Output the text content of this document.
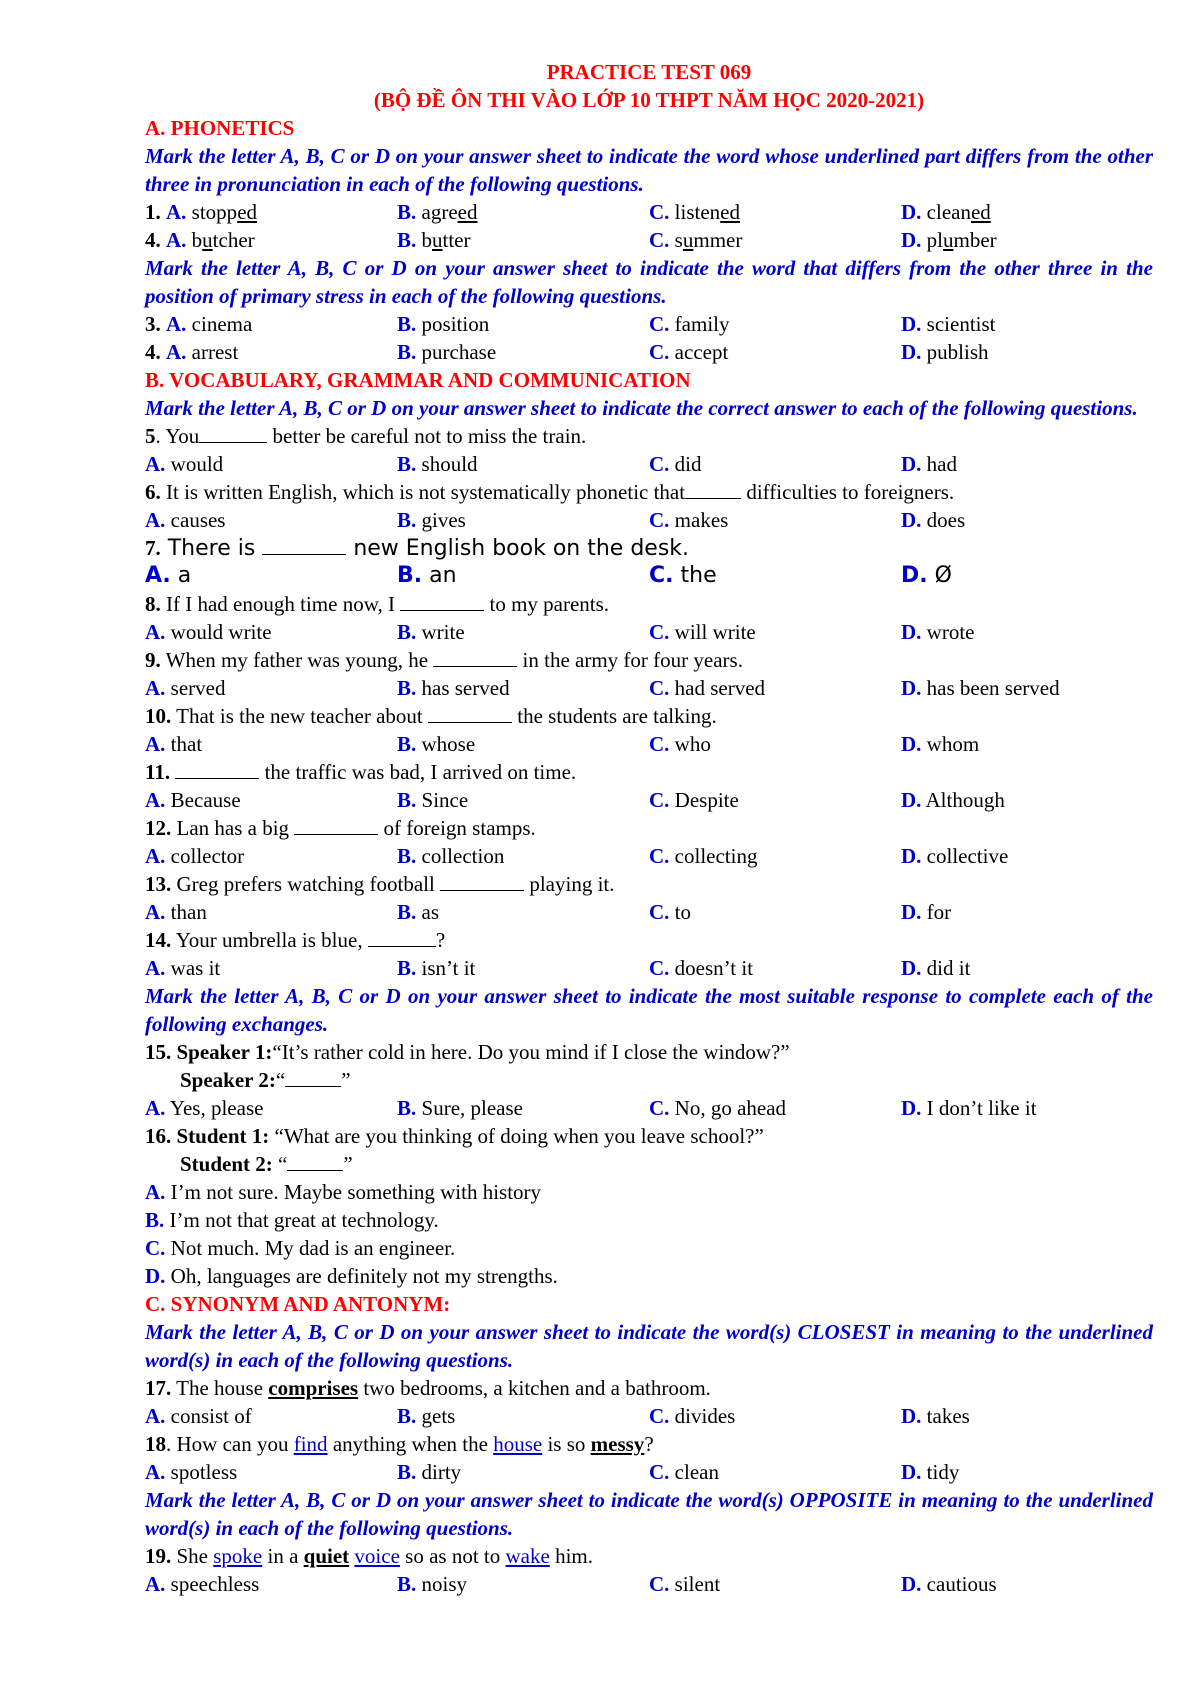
PRACTICE TEST 069
(BỘ ĐỀ ÔN THI VÀO LỚP 10 THPT NĂM HỌC 2020-2021)
A. PHONETICS
Mark the letter A, B, C or D on your answer sheet to indicate the word whose underlined part differs from the other three in pronunciation in each of the following questions.
1. A. stopped	B. agreed	C. listened	D. cleaned
4. A. butcher	B. butter	C. summer	D. plumber
Mark the letter A, B, C or D on your answer sheet to indicate the word that differs from the other three in the position of primary stress in each of the following questions.
3. A. cinema	B. position	C. family	D. scientist
4. A. arrest	B. purchase	C. accept	D. publish
B. VOCABULARY, GRAMMAR AND COMMUNICATION
Mark the letter A, B, C or D on your answer sheet to indicate the correct answer to each of the following questions.
5. You	better be careful not to miss the train.
A. would	B. should	C. did	D. had
6. It is written English, which is not systematically phonetic that	difficulties to foreigners.
A. causes	B. gives	C. makes	D. does
7. There is	new English book on the desk.
A. a	B. an	C. the	D. Ø
8. If I had enough time now, I	to my parents.
A. would write	B. write	C. will write	D. wrote
9. When my father was young, he	in the army for four years.
A. served	B. has served	C. had served	D. has been served
10. That is the new teacher about	the students are talking.
A. that	B. whose	C. who	D. whom
11.	the traffic was bad, I arrived on time.
A. Because	B. Since	C. Despite	D. Although
12. Lan has a big	of foreign stamps.
A. collector	B. collection	C. collecting	D. collective
13. Greg prefers watching football	playing it.
A. than	B. as	C. to	D. for
14. Your umbrella is blue,	?
A. was it	B. isn’t it	C. doesn’t it	D. did it
Mark the letter A, B, C or D on your answer sheet to indicate the most suitable response to complete each of the following exchanges.
15. Speaker 1:“It’s rather cold in here. Do you mind if I close the window?”
Speaker 2:“	”
A. Yes, please	B. Sure, please	C. No, go ahead	D. I don’t like it
16. Student 1: “What are you thinking of doing when you leave school?”
Student 2: “	”
A. I’m not sure. Maybe something with history
B. I’m not that great at technology.
C. Not much. My dad is an engineer.
D. Oh, languages are definitely not my strengths.
C. SYNONYM AND ANTONYM:
Mark the letter A, B, C or D on your answer sheet to indicate the word(s) CLOSEST in meaning to the underlined word(s) in each of the following questions.
17. The house comprises two bedrooms, a kitchen and a bathroom.
A. consist of	B. gets	C. divides	D. takes
18. How can you find anything when the house is so messy?
A. spotless	B. dirty	C. clean	D. tidy
Mark the letter A, B, C or D on your answer sheet to indicate the word(s) OPPOSITE in meaning to the underlined word(s) in each of the following questions.
19. She spoke in a quiet voice so as not to wake him.
A. speechless	B. noisy	C. silent	D. cautious
